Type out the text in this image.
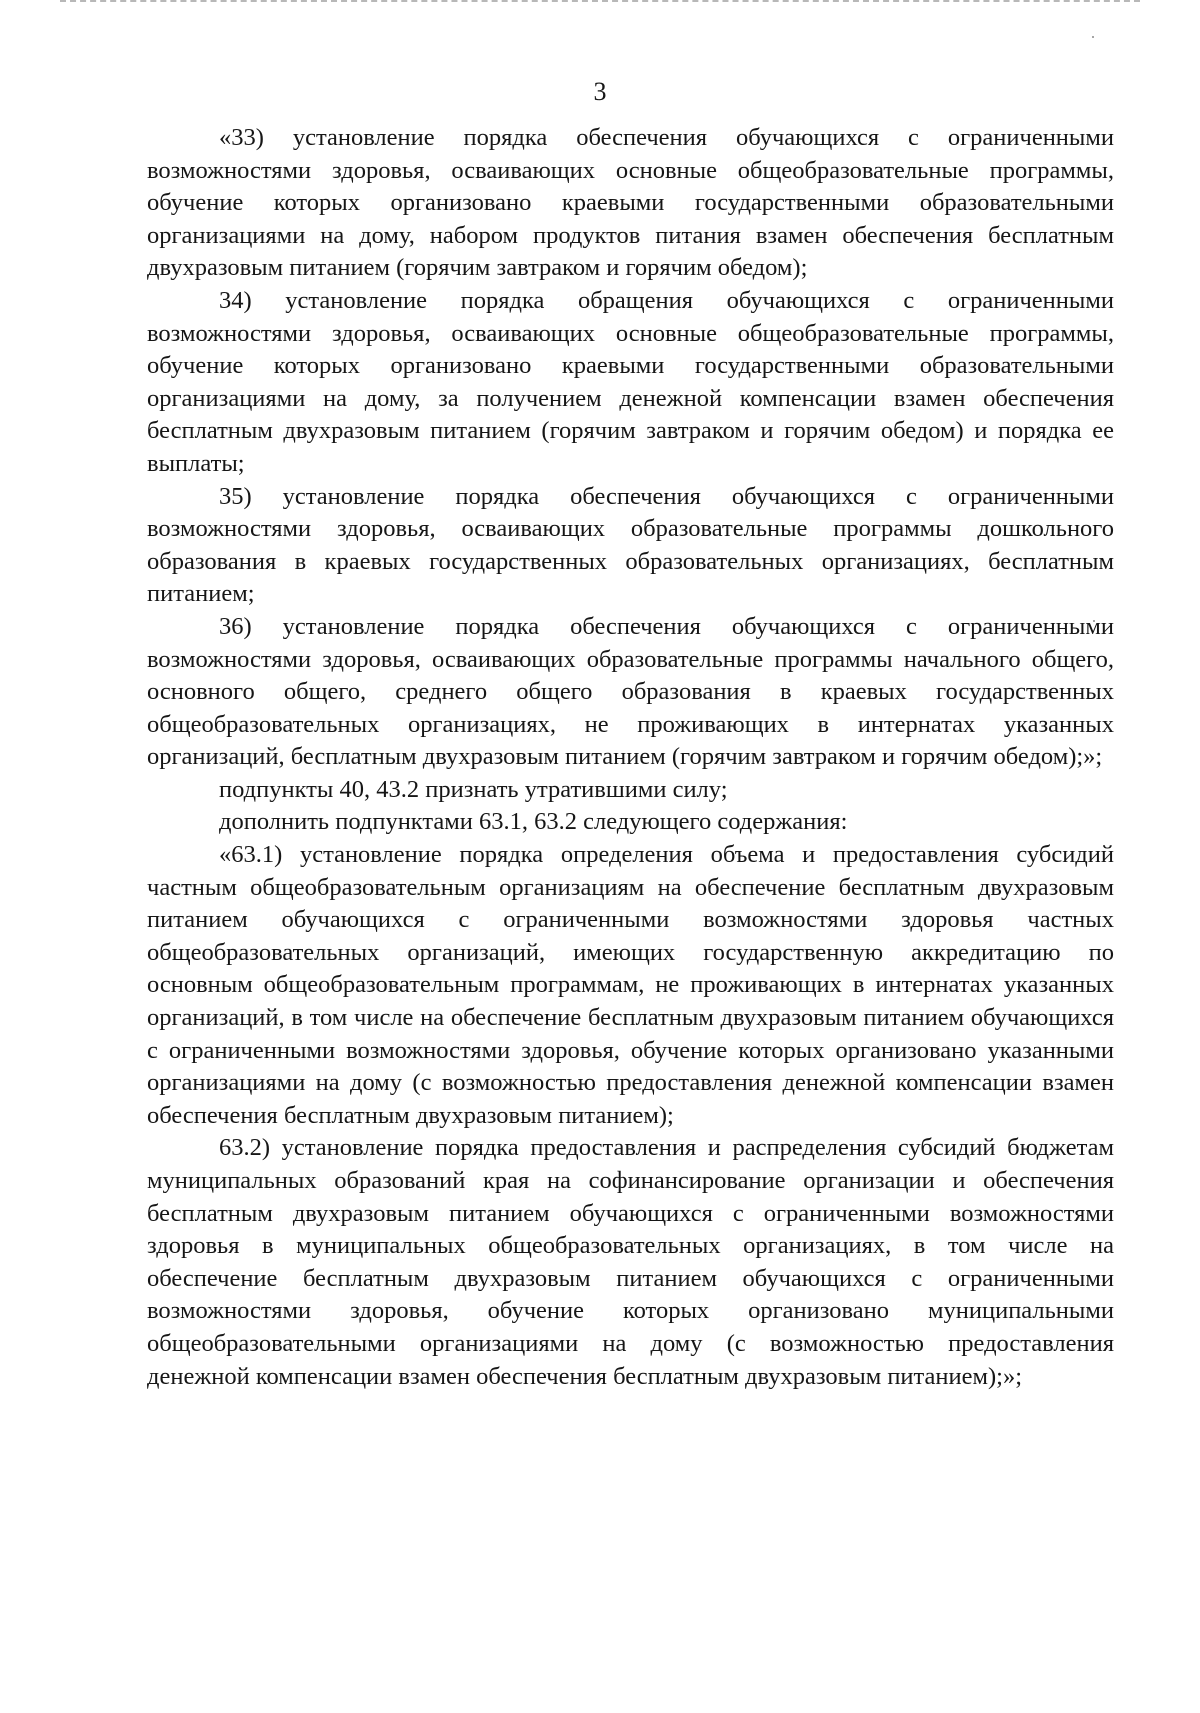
3

«33) установление порядка обеспечения обучающихся с ограниченными возможностями здоровья, осваивающих основные общеобразовательные программы, обучение которых организовано краевыми государственными образовательными организациями на дому, набором продуктов питания взамен обеспечения бесплатным двухразовым питанием (горячим завтраком и горячим обедом);

34) установление порядка обращения обучающихся с ограниченными возможностями здоровья, осваивающих основные общеобразовательные программы, обучение которых организовано краевыми государственными образовательными организациями на дому, за получением денежной компенсации взамен обеспечения бесплатным двухразовым питанием (горячим завтраком и горячим обедом) и порядка ее выплаты;

35) установление порядка обеспечения обучающихся с ограниченными возможностями здоровья, осваивающих образовательные программы дошкольного образования в краевых государственных образовательных организациях, бесплатным питанием;

36) установление порядка обеспечения обучающихся с ограниченными возможностями здоровья, осваивающих образовательные программы начального общего, основного общего, среднего общего образования в краевых государственных общеобразовательных организациях, не проживающих в интернатах указанных организаций, бесплатным двухразовым питанием (горячим завтраком и горячим обедом);»;

подпункты 40, 43.2 признать утратившими силу;

дополнить подпунктами 63.1, 63.2 следующего содержания:

«63.1) установление порядка определения объема и предоставления субсидий частным общеобразовательным организациям на обеспечение бесплатным двухразовым питанием обучающихся с ограниченными возможностями здоровья частных общеобразовательных организаций, имеющих государственную аккредитацию по основным общеобразовательным программам, не проживающих в интернатах указанных организаций, в том числе на обеспечение бесплатным двухразовым питанием обучающихся с ограниченными возможностями здоровья, обучение которых организовано указанными организациями на дому (с возможностью предоставления денежной компенсации взамен обеспечения бесплатным двухразовым питанием);

63.2) установление порядка предоставления и распределения субсидий бюджетам муниципальных образований края на софинансирование организации и обеспечения бесплатным двухразовым питанием обучающихся с ограниченными возможностями здоровья в муниципальных общеобразовательных организациях, в том числе на обеспечение бесплатным двухразовым питанием обучающихся с ограниченными возможностями здоровья, обучение которых организовано муниципальными общеобразовательными организациями на дому (с возможностью предоставления денежной компенсации взамен обеспечения бесплатным двухразовым питанием);»;
